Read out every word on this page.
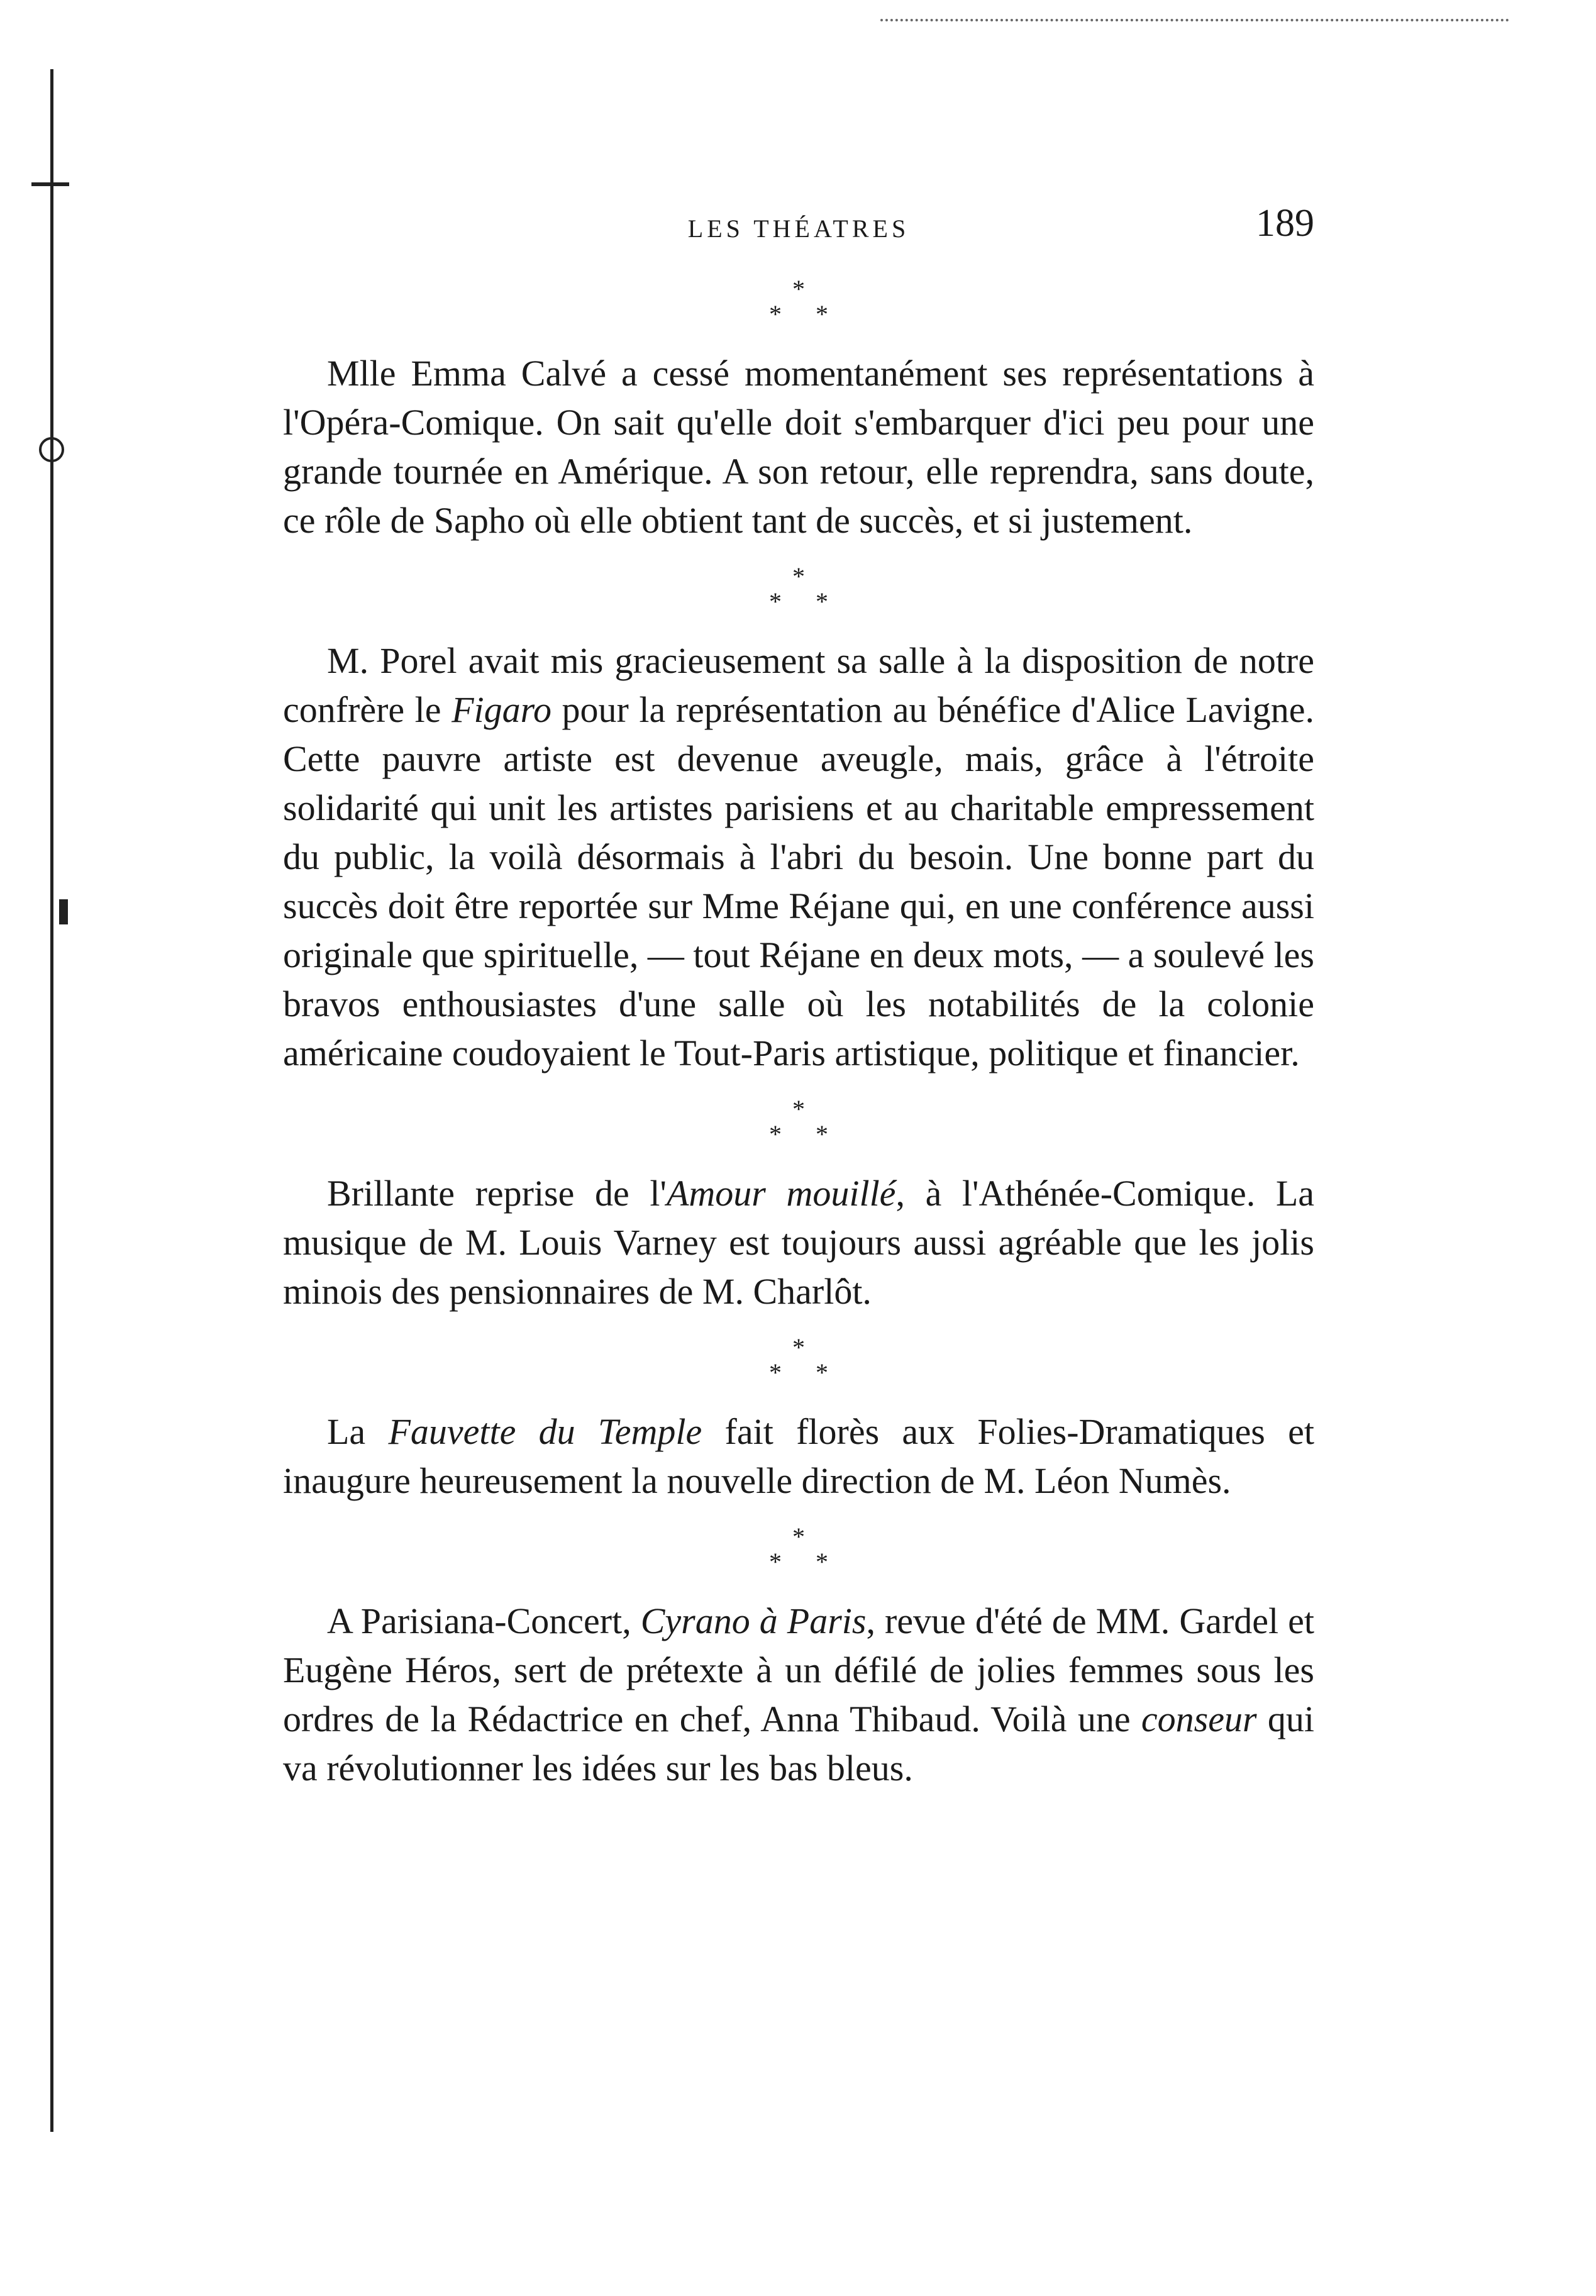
LES THÉATRES	189
*
* *

Mlle Emma Calvé a cessé momentanément ses représentations à l'Opéra-Comique. On sait qu'elle doit s'embarquer d'ici peu pour une grande tournée en Amérique. A son retour, elle reprendra, sans doute, ce rôle de Sapho où elle obtient tant de succès, et si justement.

*
* *

M. Porel avait mis gracieusement sa salle à la disposition de notre confrère le Figaro pour la représentation au bénéfice d'Alice Lavigne. Cette pauvre artiste est devenue aveugle, mais, grâce à l'étroite solidarité qui unit les artistes parisiens et au charitable empressement du public, la voilà désormais à l'abri du besoin. Une bonne part du succès doit être reportée sur Mme Réjane qui, en une conférence aussi originale que spirituelle, — tout Réjane en deux mots, — a soulevé les bravos enthousiastes d'une salle où les notabilités de la colonie américaine coudoyaient le Tout-Paris artistique, politique et financier.

*
* *

Brillante reprise de l'Amour mouillé, à l'Athénée-Comique. La musique de M. Louis Varney est toujours aussi agréable que les jolis minois des pensionnaires de M. Charlôt.

*
* *

La Fauvette du Temple fait florès aux Folies-Dramatiques et inaugure heureusement la nouvelle direction de M. Léon Numès.

*
* *

A Parisiana-Concert, Cyrano à Paris, revue d'été de MM. Gardel et Eugène Héros, sert de prétexte à un défilé de jolies femmes sous les ordres de la Rédactrice en chef, Anna Thibaud. Voilà une conseur qui va révolutionner les idées sur les bas bleus.
